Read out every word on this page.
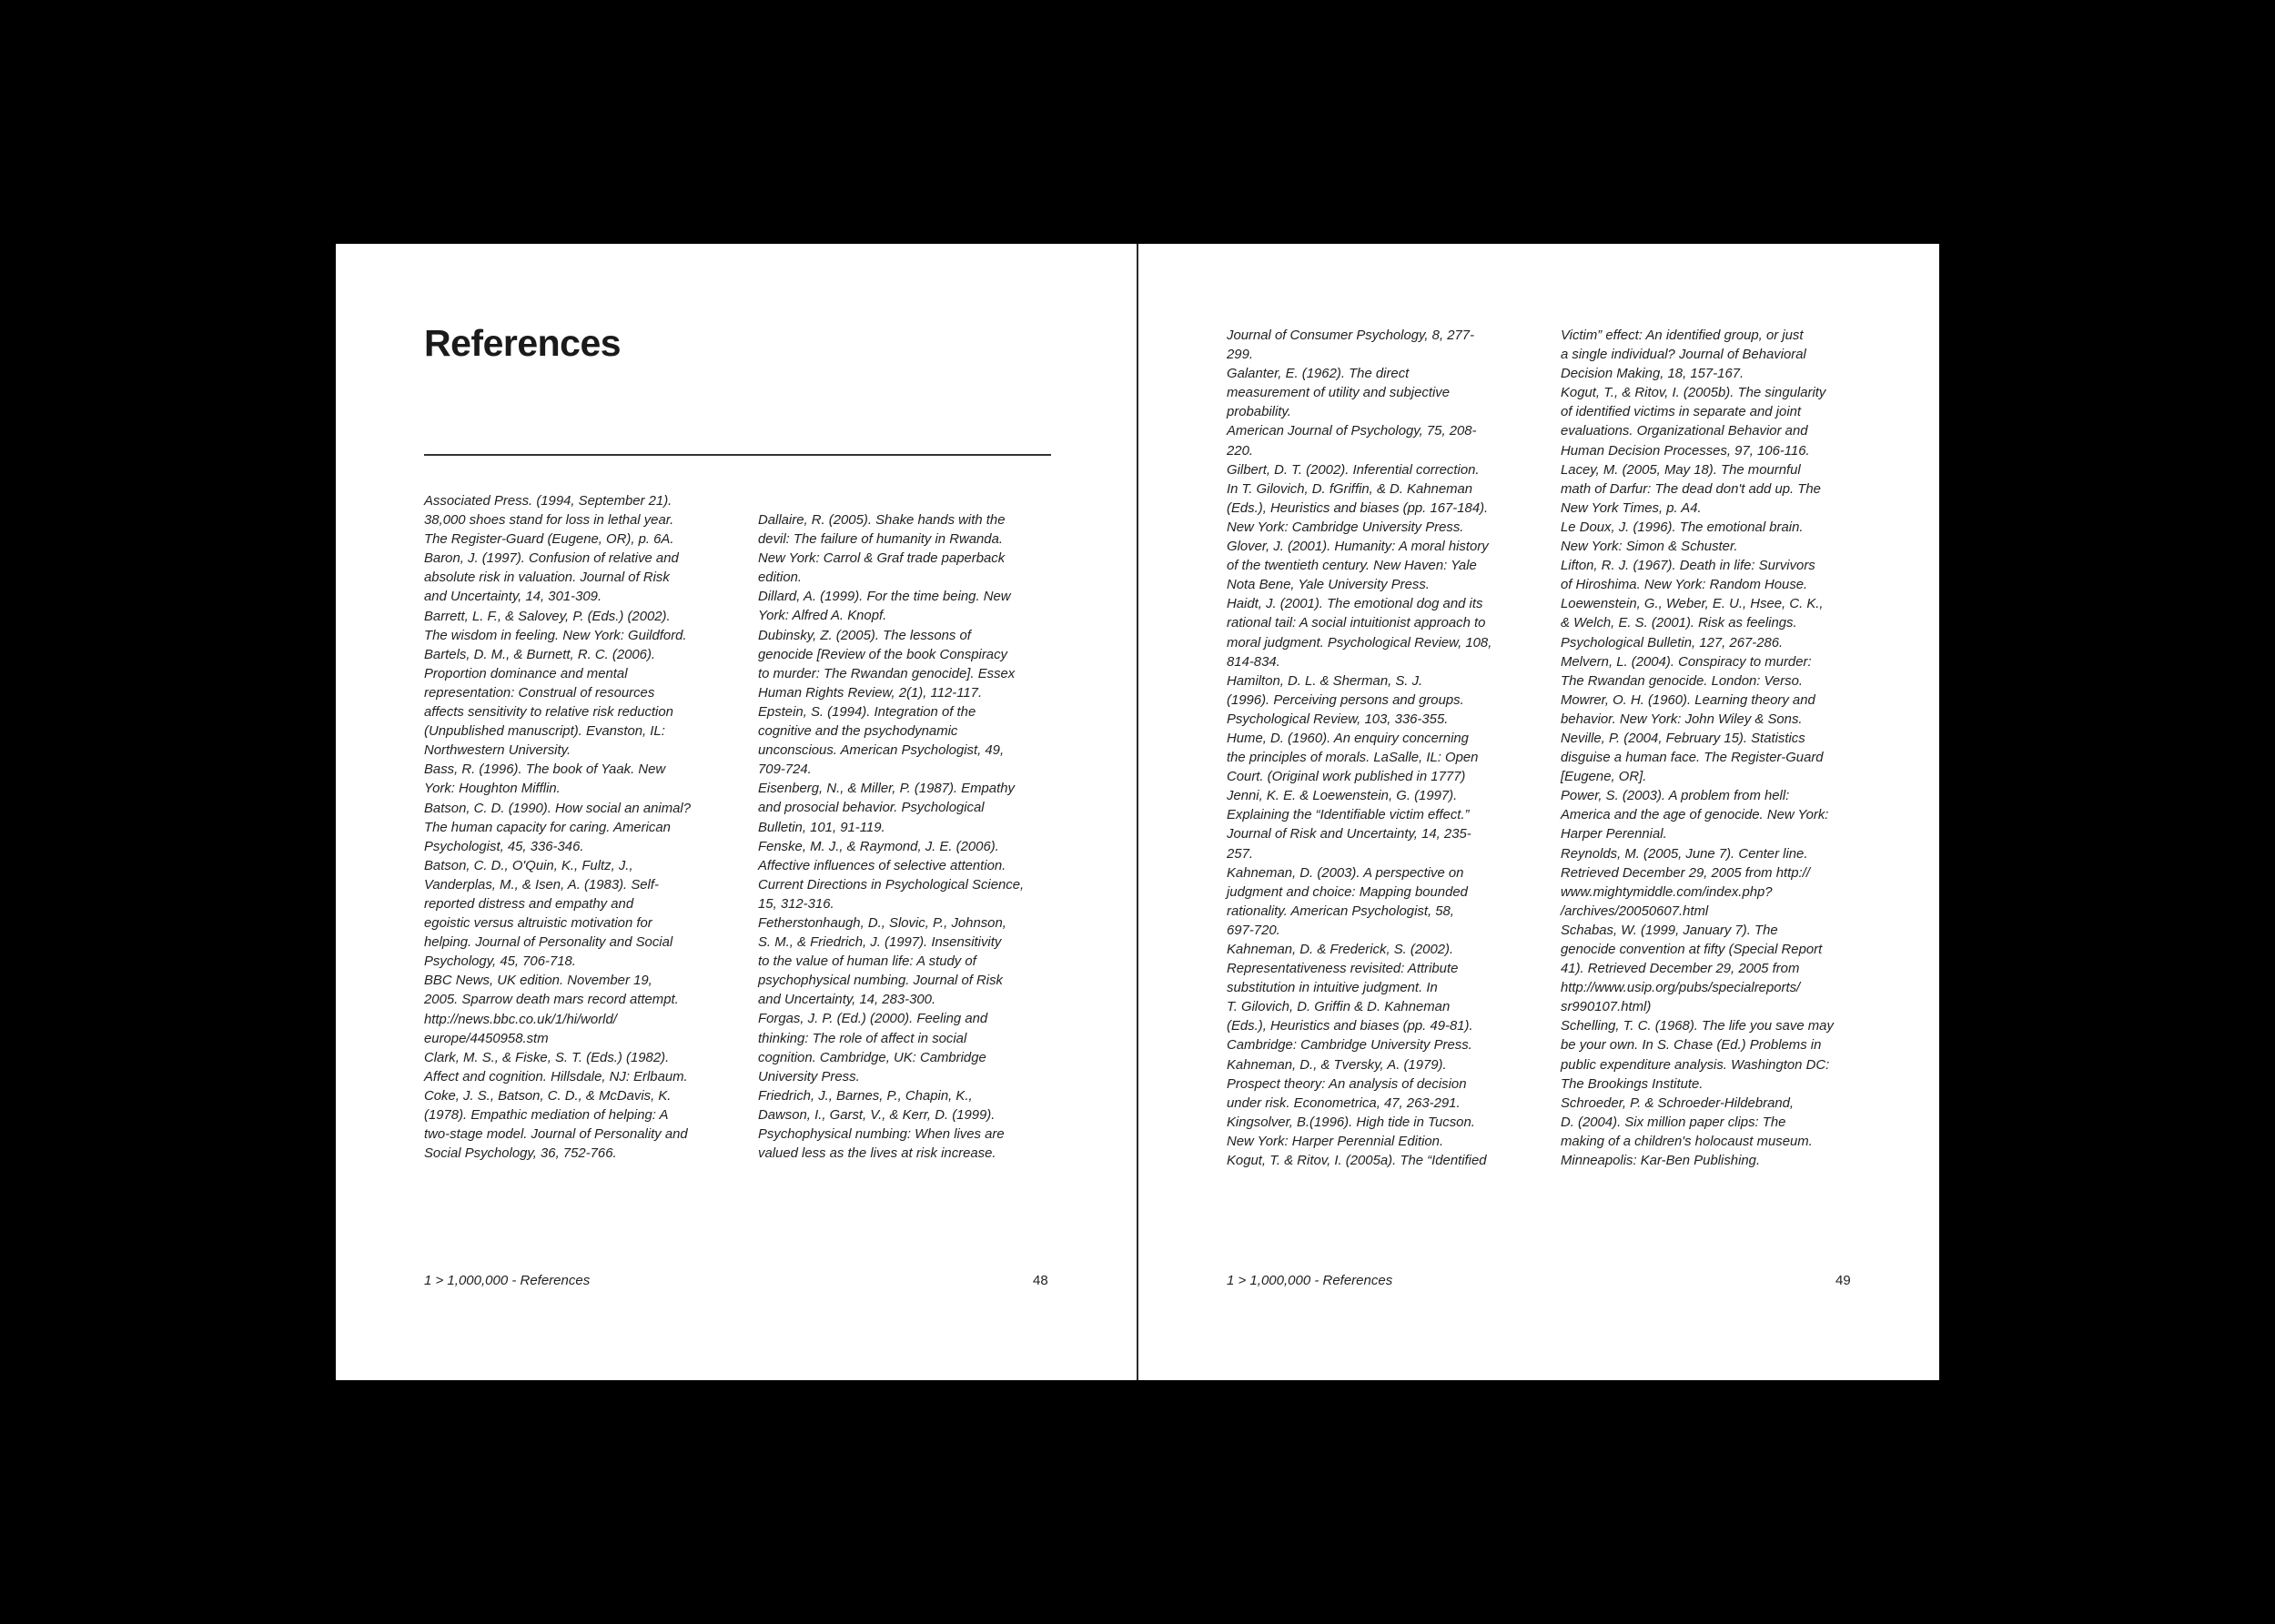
References
Associated Press. (1994, September 21).
38,000 shoes stand for loss in lethal year.
The Register-Guard (Eugene, OR), p. 6A.
Baron, J. (1997). Confusion of relative and
absolute risk in valuation. Journal of Risk
and Uncertainty, 14, 301-309.
Barrett, L. F., & Salovey, P. (Eds.) (2002).
The wisdom in feeling. New York: Guildford.
Bartels, D. M., & Burnett, R. C. (2006).
Proportion dominance and mental
representation: Construal of resources
affects sensitivity to relative risk reduction
(Unpublished manuscript). Evanston, IL:
Northwestern University.
Bass, R. (1996). The book of Yaak. New
York: Houghton Mifflin.
Batson, C. D. (1990). How social an animal?
The human capacity for caring. American
Psychologist, 45, 336-346.
Batson, C. D., O'Quin, K., Fultz, J.,
Vanderplas, M., & Isen, A. (1983). Self-
reported distress and empathy and
egoistic versus altruistic motivation for
helping. Journal of Personality and Social
Psychology, 45, 706-718.
BBC News, UK edition. November 19,
2005. Sparrow death mars record attempt.
http://news.bbc.co.uk/1/hi/world/
europe/4450958.stm
Clark, M. S., & Fiske, S. T. (Eds.) (1982).
Affect and cognition. Hillsdale, NJ: Erlbaum.
Coke, J. S., Batson, C. D., & McDavis, K.
(1978). Empathic mediation of helping: A
two-stage model. Journal of Personality and
Social Psychology, 36, 752-766.
Dallaire, R. (2005). Shake hands with the
devil: The failure of humanity in Rwanda.
New York: Carrol & Graf trade paperback
edition.
Dillard, A. (1999). For the time being. New
York: Alfred A. Knopf.
Dubinsky, Z. (2005). The lessons of
genocide [Review of the book Conspiracy
to murder: The Rwandan genocide]. Essex
Human Rights Review, 2(1), 112-117.
Epstein, S. (1994). Integration of the
cognitive and the psychodynamic
unconscious. American Psychologist, 49,
709-724.
Eisenberg, N., & Miller, P. (1987). Empathy
and prosocial behavior. Psychological
Bulletin, 101, 91-119.
Fenske, M. J., & Raymond, J. E. (2006).
Affective influences of selective attention.
Current Directions in Psychological Science,
15, 312-316.
Fetherstonhaugh, D., Slovic, P., Johnson,
S. M., & Friedrich, J. (1997). Insensitivity
to the value of human life: A study of
psychophysical numbing. Journal of Risk
and Uncertainty, 14, 283-300.
Forgas, J. P. (Ed.) (2000). Feeling and
thinking: The role of affect in social
cognition. Cambridge, UK: Cambridge
University Press.
Friedrich, J., Barnes, P., Chapin, K.,
Dawson, I., Garst, V., & Kerr, D. (1999).
Psychophysical numbing: When lives are
valued less as the lives at risk increase.
1 > 1,000,000 - References	48
Journal of Consumer Psychology, 8, 277-
299.
Galanter, E. (1962). The direct
measurement of utility and subjective
probability.
American Journal of Psychology, 75, 208-
220.
Gilbert, D. T. (2002). Inferential correction.
In T. Gilovich, D. fGriffin, & D. Kahneman
(Eds.), Heuristics and biases (pp. 167-184).
New York: Cambridge University Press.
Glover, J. (2001). Humanity: A moral history
of the twentieth century. New Haven: Yale
Nota Bene, Yale University Press.
Haidt, J. (2001). The emotional dog and its
rational tail: A social intuitionist approach to
moral judgment. Psychological Review, 108,
814-834.
Hamilton, D. L. & Sherman, S. J.
(1996). Perceiving persons and groups.
Psychological Review, 103, 336-355.
Hume, D. (1960). An enquiry concerning
the principles of morals. LaSalle, IL: Open
Court. (Original work published in 1777)
Jenni, K. E. & Loewenstein, G. (1997).
Explaining the “Identifiable victim effect.”
Journal of Risk and Uncertainty, 14, 235-
257.
Kahneman, D. (2003). A perspective on
judgment and choice: Mapping bounded
rationality. American Psychologist, 58,
697-720.
Kahneman, D. & Frederick, S. (2002).
Representativeness revisited: Attribute
substitution in intuitive judgment. In
T. Gilovich, D. Griffin & D. Kahneman
(Eds.), Heuristics and biases (pp. 49-81).
Cambridge: Cambridge University Press.
Kahneman, D., & Tversky, A. (1979).
Prospect theory: An analysis of decision
under risk. Econometrica, 47, 263-291.
Kingsolver, B.(1996). High tide in Tucson.
New York: Harper Perennial Edition.
Kogut, T. & Ritov, I. (2005a). The “Identified
Victim” effect: An identified group, or just
a single individual? Journal of Behavioral
Decision Making, 18, 157-167.
Kogut, T., & Ritov, I. (2005b). The singularity
of identified victims in separate and joint
evaluations. Organizational Behavior and
Human Decision Processes, 97, 106-116.
Lacey, M. (2005, May 18). The mournful
math of Darfur: The dead don't add up. The
New York Times, p. A4.
Le Doux, J. (1996). The emotional brain.
New York: Simon & Schuster.
Lifton, R. J. (1967). Death in life: Survivors
of Hiroshima. New York: Random House.
Loewenstein, G., Weber, E. U., Hsee, C. K.,
& Welch, E. S. (2001). Risk as feelings.
Psychological Bulletin, 127, 267-286.
Melvern, L. (2004). Conspiracy to murder:
The Rwandan genocide. London: Verso.
Mowrer, O. H. (1960). Learning theory and
behavior. New York: John Wiley & Sons.
Neville, P. (2004, February 15). Statistics
disguise a human face. The Register-Guard
[Eugene, OR].
Power, S. (2003). A problem from hell:
America and the age of genocide. New York:
Harper Perennial.
Reynolds, M. (2005, June 7). Center line.
Retrieved December 29, 2005 from http://
www.mightymiddle.com/index.php?
/archives/20050607.html
Schabas, W. (1999, January 7). The
genocide convention at fifty (Special Report
41). Retrieved December 29, 2005 from
http://www.usip.org/pubs/specialreports/
sr990107.html)
Schelling, T. C. (1968). The life you save may
be your own. In S. Chase (Ed.) Problems in
public expenditure analysis. Washington DC:
The Brookings Institute.
Schroeder, P. & Schroeder-Hildebrand,
D. (2004). Six million paper clips: The
making of a children's holocaust museum.
Minneapolis: Kar-Ben Publishing.
1 > 1,000,000 - References	49
